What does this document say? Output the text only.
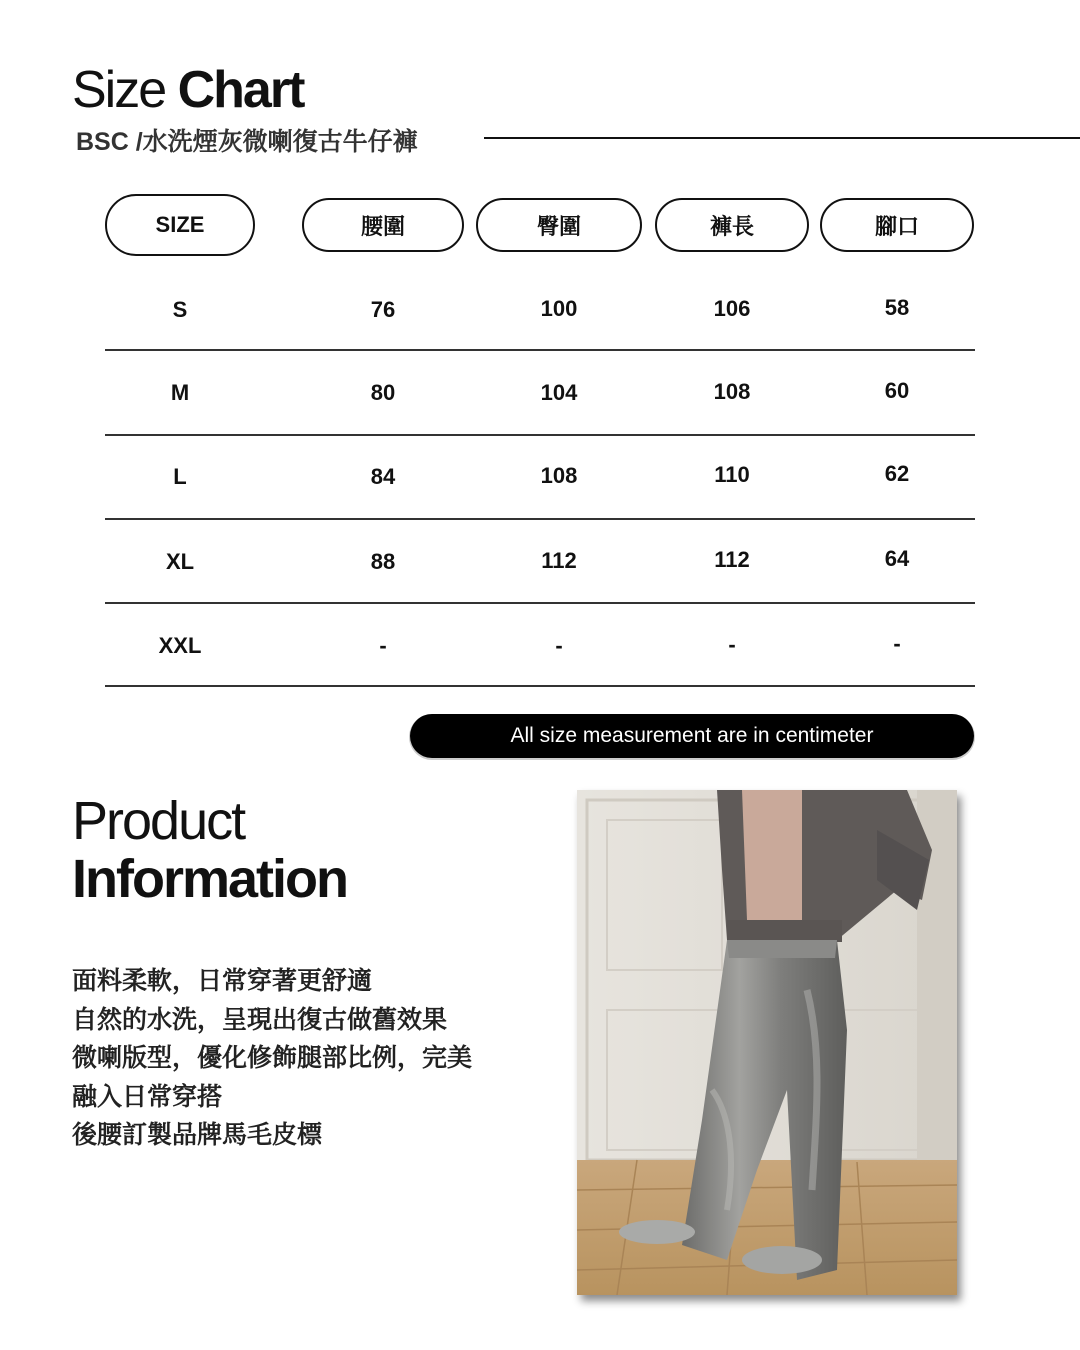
Size Chart
BSC /水洗煙灰微喇復古牛仔褲
SIZE	腰圍	臀圍	褲長	腳口
S	76	100	106	58
M	80	104	108	60
L	84	108	110	62
XL	88	112	112	64
XXL	-	-	-	-
All size measurement are in centimeter
Product
Information
面料柔軟，日常穿著更舒適
自然的水洗，呈現出復古做舊效果
微喇版型，優化修飾腿部比例，完美
融入日常穿搭
後腰訂製品牌馬毛皮標
